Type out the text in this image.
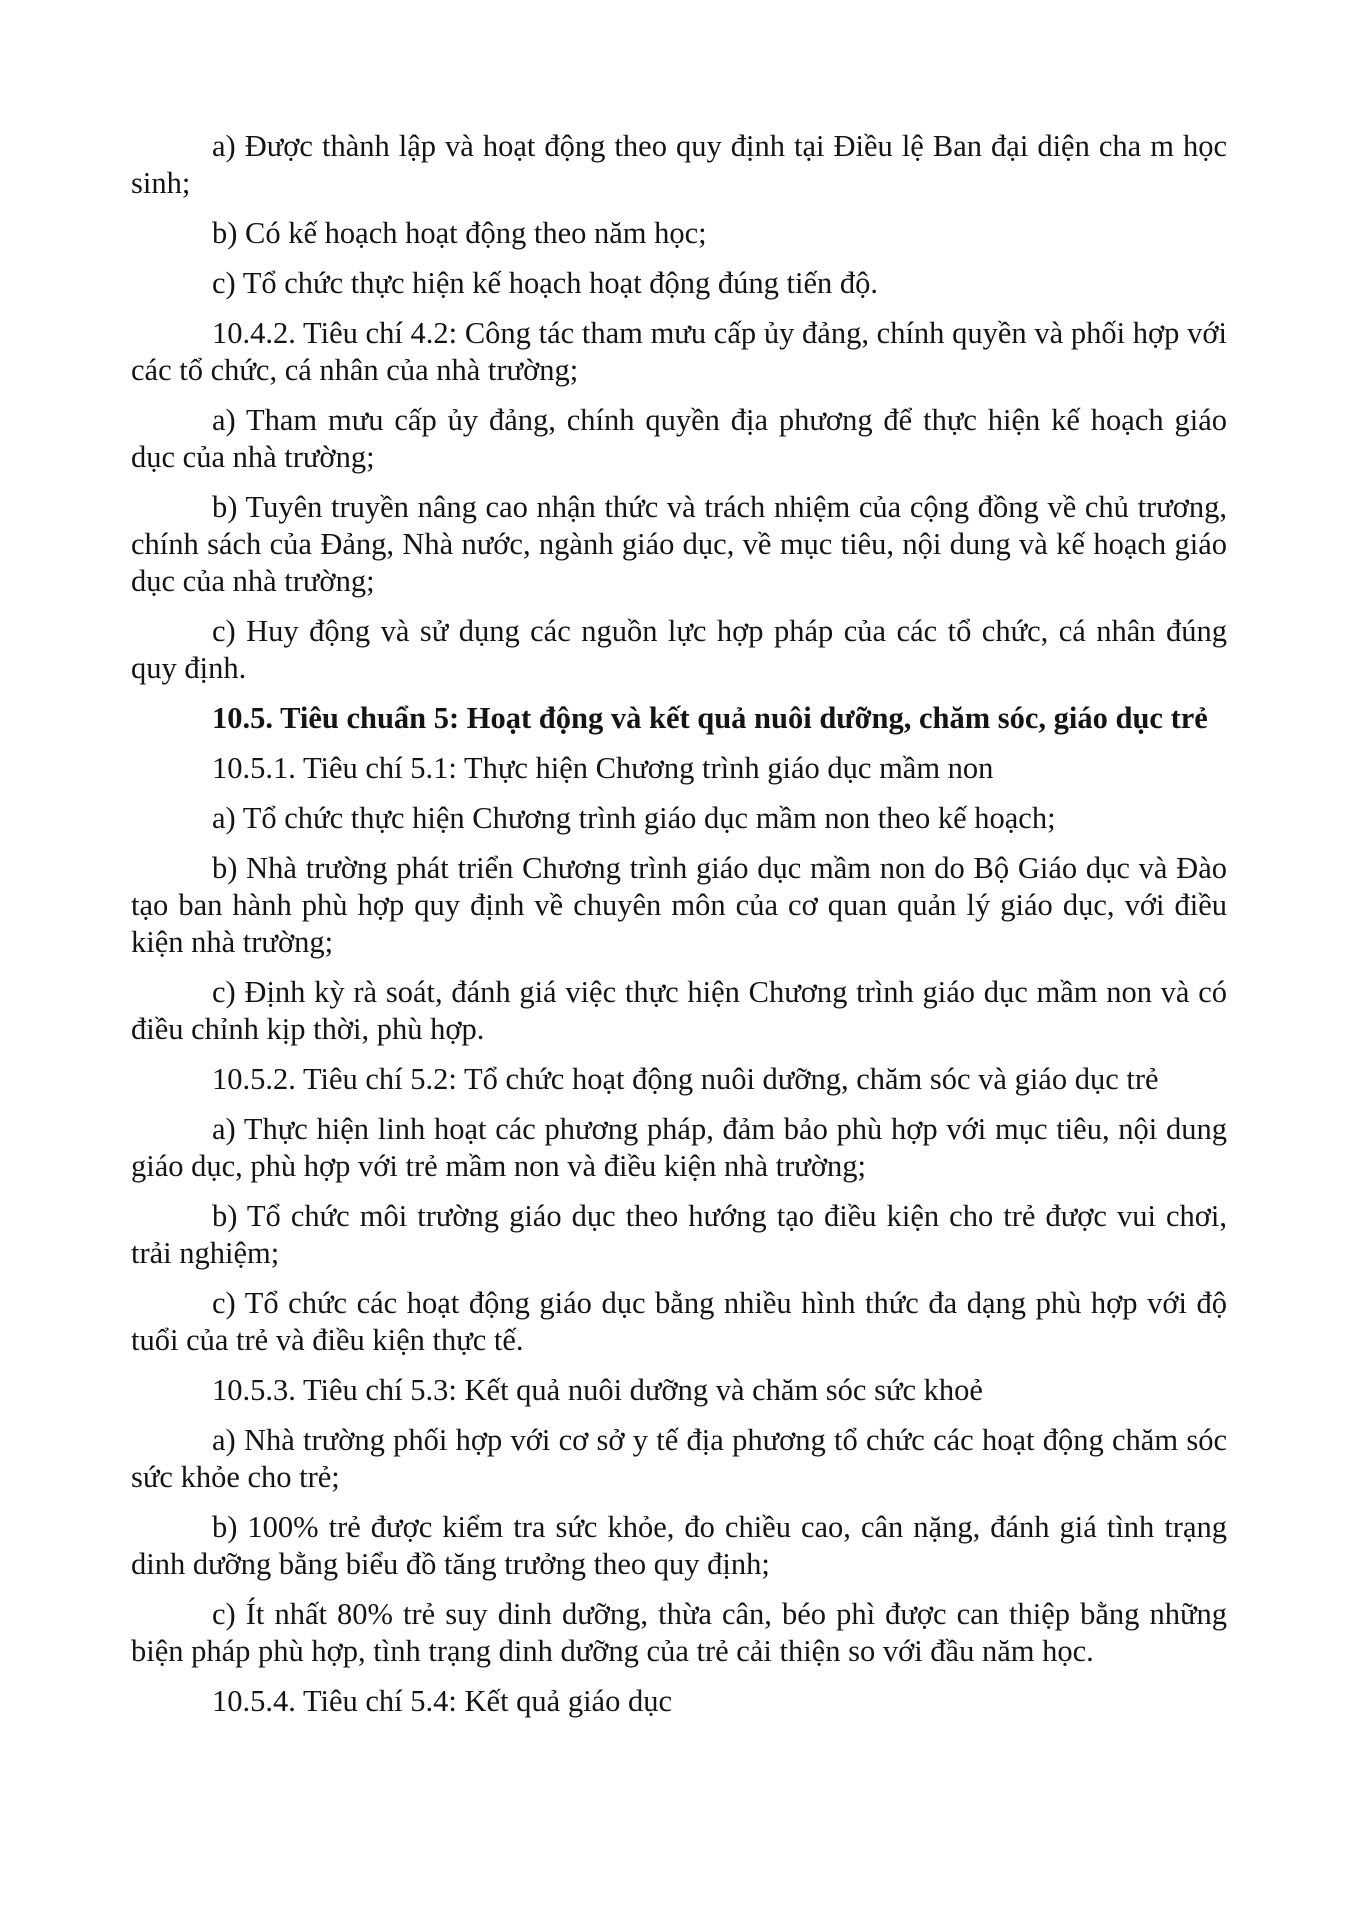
a) Được thành lập và hoạt động theo quy định tại Điều lệ Ban đại diện cha m học sinh;

b) Có kế hoạch hoạt động theo năm học;

c) Tổ chức thực hiện kế hoạch hoạt động đúng tiến độ.

10.4.2. Tiêu chí 4.2: Công tác tham mưu cấp ủy đảng, chính quyền và phối hợp với các tổ chức, cá nhân của nhà trường;

a) Tham mưu cấp ủy đảng, chính quyền địa phương để thực hiện kế hoạch giáo dục của nhà trường;

b) Tuyên truyền nâng cao nhận thức và trách nhiệm của cộng đồng về chủ trương, chính sách của Đảng, Nhà nước, ngành giáo dục, về mục tiêu, nội dung và kế hoạch giáo dục của nhà trường;

c) Huy động và sử dụng các nguồn lực hợp pháp của các tổ chức, cá nhân đúng quy định.

10.5. Tiêu chuẩn 5: Hoạt động và kết quả nuôi dưỡng, chăm sóc, giáo dục trẻ

10.5.1. Tiêu chí 5.1: Thực hiện Chương trình giáo dục mầm non

a) Tổ chức thực hiện Chương trình giáo dục mầm non theo kế hoạch;

b) Nhà trường phát triển Chương trình giáo dục mầm non do Bộ Giáo dục và Đào tạo ban hành phù hợp quy định về chuyên môn của cơ quan quản lý giáo dục, với điều kiện nhà trường;

c) Định kỳ rà soát, đánh giá việc thực hiện Chương trình giáo dục mầm non và có điều chỉnh kịp thời, phù hợp.

10.5.2. Tiêu chí 5.2: Tổ chức hoạt động nuôi dưỡng, chăm sóc và giáo dục trẻ

a) Thực hiện linh hoạt các phương pháp, đảm bảo phù hợp với mục tiêu, nội dung giáo dục, phù hợp với trẻ mầm non và điều kiện nhà trường;

b) Tổ chức môi trường giáo dục theo hướng tạo điều kiện cho trẻ được vui chơi, trải nghiệm;

c) Tổ chức các hoạt động giáo dục bằng nhiều hình thức đa dạng phù hợp với độ tuổi của trẻ và điều kiện thực tế.

10.5.3. Tiêu chí 5.3: Kết quả nuôi dưỡng và chăm sóc sức khoẻ

a) Nhà trường phối hợp với cơ sở y tế địa phương tổ chức các hoạt động chăm sóc sức khỏe cho trẻ;

b) 100% trẻ được kiểm tra sức khỏe, đo chiều cao, cân nặng, đánh giá tình trạng dinh dưỡng bằng biểu đồ tăng trưởng theo quy định;

c) Ít nhất 80% trẻ suy dinh dưỡng, thừa cân, béo phì được can thiệp bằng những biện pháp phù hợp, tình trạng dinh dưỡng của trẻ cải thiện so với đầu năm học.

10.5.4. Tiêu chí 5.4: Kết quả giáo dục
